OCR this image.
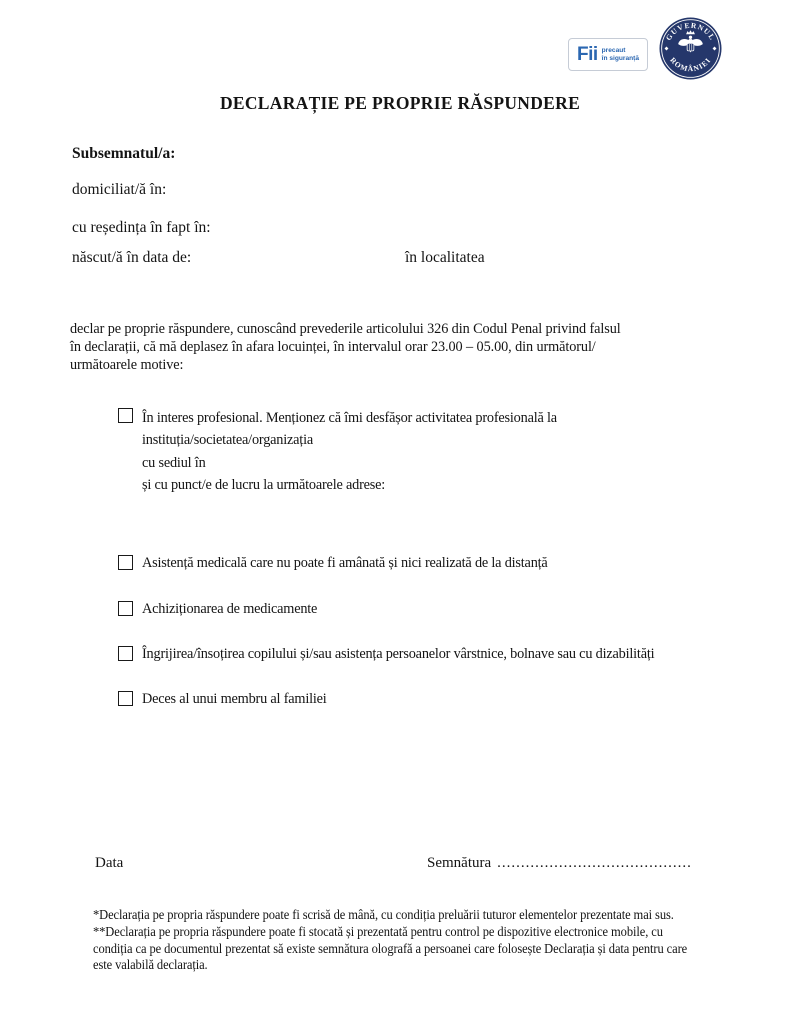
Fii precaut
în siguranță
GUVERNUL
ROMÂNIEI
DECLARAȚIE PE PROPRIE RĂSPUNDERE
Subsemnatul/a:
domiciliat/ă în:
cu reședința în fapt în:
născut/ă în data de:	în localitatea
declar pe proprie răspundere, cunoscând prevederile articolului 326 din Codul Penal privind falsul
în declarații, că mă deplasez în afara locuinței, în intervalul orar 23.00 – 05.00, din următorul/
următoarele motive:
În interes profesional. Menționez că îmi desfășor activitatea profesională la
instituția/societatea/organizația
cu sediul în
și cu punct/e de lucru la următoarele adrese:
Asistență medicală care nu poate fi amânată și nici realizată de la distanță
Achiziționarea de medicamente
Îngrijirea/însoțirea copilului și/sau asistența persoanelor vârstnice, bolnave sau cu dizabilități
Deces al unui membru al familiei
Data	Semnătura .........................................
*Declarația pe propria răspundere poate fi scrisă de mână, cu condiția preluării tuturor elementelor prezentate mai sus.
**Declarația pe propria răspundere poate fi stocată și prezentată pentru control pe dispozitive electronice mobile, cu
condiția ca pe documentul prezentat să existe semnătura olografă a persoanei care folosește Declarația și data pentru care
este valabilă declarația.
